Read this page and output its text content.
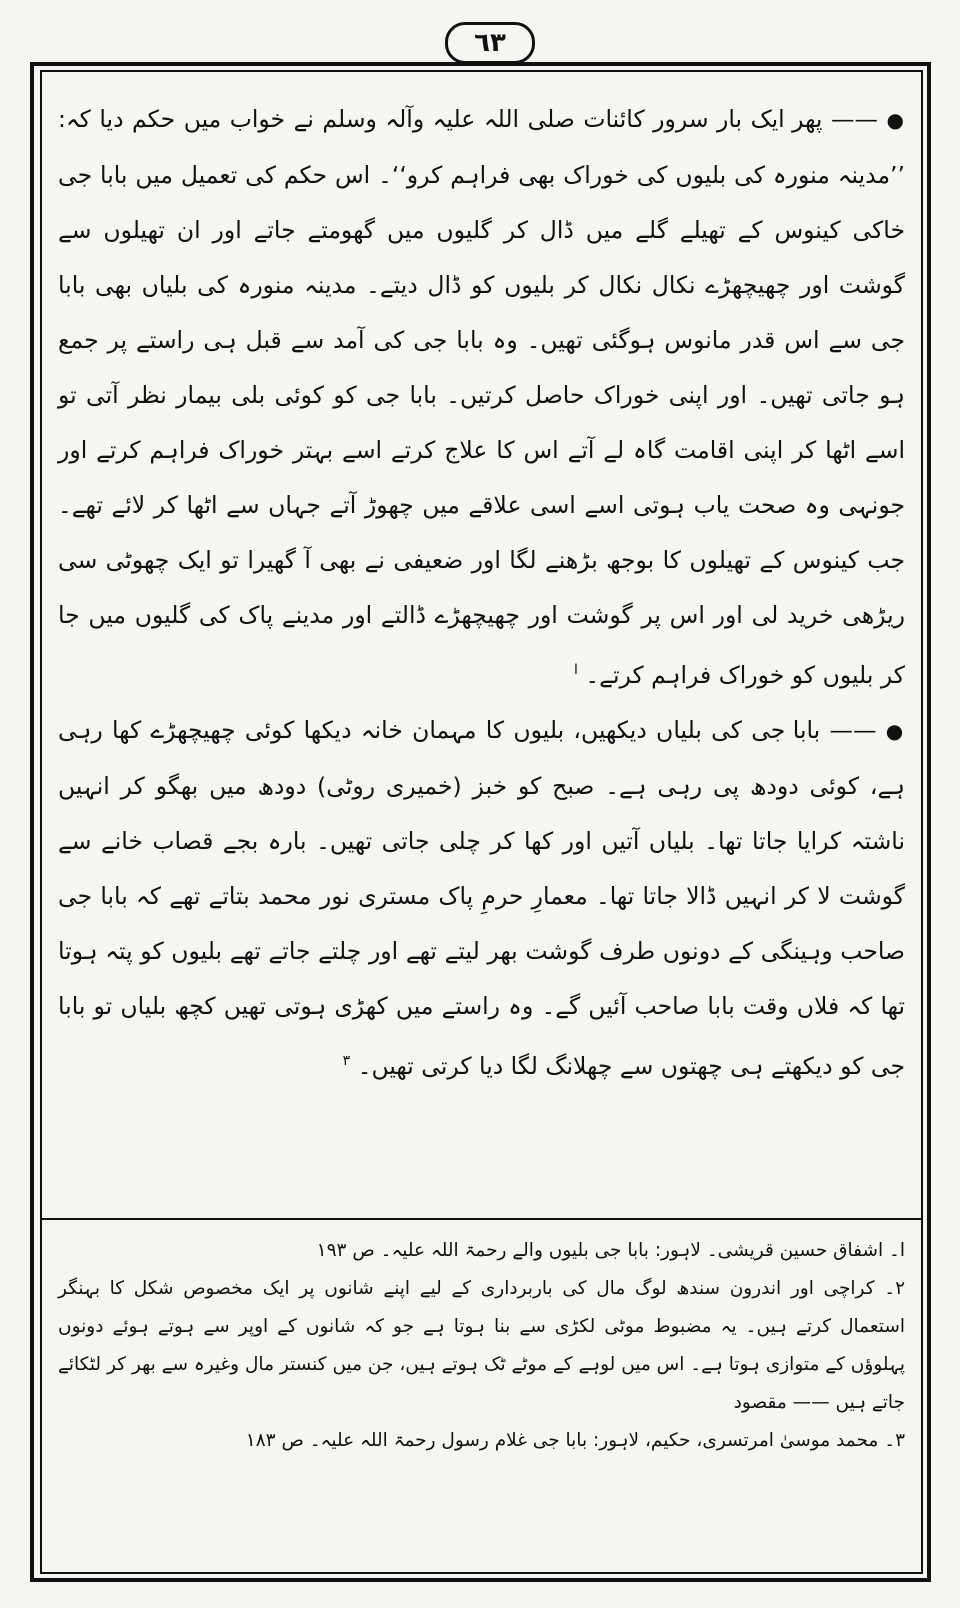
٦٣

● —— پھر ایک بار سرور کائنات صلی اللہ علیہ وآلہ وسلم نے خواب میں حکم دیا کہ: ’’مدینہ منورہ کی بلیوں کی خوراک بھی فراہم کرو‘‘۔ اس حکم کی تعمیل میں بابا جی خاکی کینوس کے تھیلے گلے میں ڈال کر گلیوں میں گھومتے جاتے اور ان تھیلوں سے گوشت اور چھیچھڑے نکال نکال کر بلیوں کو ڈال دیتے۔ مدینہ منورہ کی بلیاں بھی بابا جی سے اس قدر مانوس ہوگئی تھیں۔ وہ بابا جی کی آمد سے قبل ہی راستے پر جمع ہو جاتی تھیں۔ اور اپنی خوراک حاصل کرتیں۔ بابا جی کو کوئی بلی بیمار نظر آتی تو اسے اٹھا کر اپنی اقامت گاہ لے آتے اس کا علاج کرتے اسے بہتر خوراک فراہم کرتے اور جونہی وہ صحت یاب ہوتی اسے اسی علاقے میں چھوڑ آتے جہاں سے اٹھا کر لائے تھے۔ جب کینوس کے تھیلوں کا بوجھ بڑھنے لگا اور ضعیفی نے بھی آ گھیرا تو ایک چھوٹی سی ریڑھی خرید لی اور اس پر گوشت اور چھیچھڑے ڈالتے اور مدینے پاک کی گلیوں میں جا کر بلیوں کو خوراک فراہم کرتے۔ $^ا$

● —— بابا جی کی بلیاں دیکھیں، بلیوں کا مہمان خانہ دیکھا کوئی چھیچھڑے کھا رہی ہے، کوئی دودھ پی رہی ہے۔ صبح کو خبز (خمیری روٹی) دودھ میں بھگو کر انہیں ناشتہ کرایا جاتا تھا۔ بلیاں آتیں اور کھا کر چلی جاتی تھیں۔ بارہ بجے قصاب خانے سے گوشت لا کر انہیں ڈالا جاتا تھا۔ معمارِ حرمِ پاک مستری نور محمد بتاتے تھے کہ بابا جی صاحب وہینگی کے دونوں طرف گوشت بھر لیتے تھے اور چلتے جاتے تھے بلیوں کو پتہ ہوتا تھا کہ فلاں وقت بابا صاحب آئیں گے۔ وہ راستے میں کھڑی ہوتی تھیں کچھ بلیاں تو بابا جی کو دیکھتے ہی چھتوں سے چھلانگ لگا دیا کرتی تھیں۔ $^۳$

ا۔ اشفاق حسین قریشی۔ لاہور: بابا جی بلیوں والے رحمۃ اللہ علیہ۔ ص ۱۹۳

۲۔ کراچی اور اندرون سندھ لوگ مال کی باربرداری کے لیے اپنے شانوں پر ایک مخصوص شکل کا بہنگر استعمال کرتے ہیں۔ یہ مضبوط موٹی لکڑی سے بنا ہوتا ہے جو کہ شانوں کے اوپر سے ہوتے ہوئے دونوں پہلوؤں کے متوازی ہوتا ہے۔ اس میں لوہے کے موٹے ٹک ہوتے ہیں، جن میں کنستر مال وغیرہ سے بھر کر لٹکائے جاتے ہیں —— مقصود

۳۔ محمد موسیٰ امرتسری، حکیم، لاہور: بابا جی غلام رسول رحمۃ اللہ علیہ۔ ص ۱۸۳
